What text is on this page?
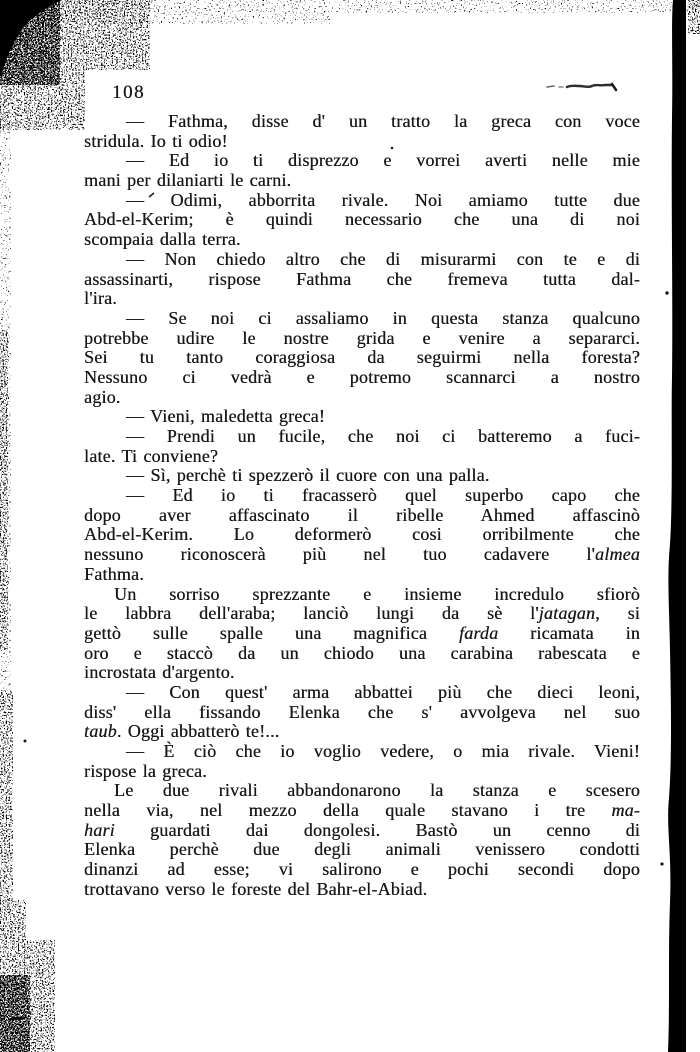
108
— Fathma, disse d' un tratto la greca con voce
stridula. Io ti odio!
— Ed io ti disprezzo e vorrei averti nelle mie
mani per dilaniarti le carni.
— Odimi, abborrita rivale. Noi amiamo tutte due
Abd-el-Kerim; è quindi necessario che una di noi
scompaia dalla terra.
— Non chiedo altro che di misurarmi con te e di
assassinarti, rispose Fathma che fremeva tutta dal-
l'ira.
— Se noi ci assaliamo in questa stanza qualcuno
potrebbe udire le nostre grida e venire a separarci.
Sei tu tanto coraggiosa da seguirmi nella foresta?
Nessuno ci vedrà e potremo scannarci a nostro
agio.
— Vieni, maledetta greca!
— Prendi un fucile, che noi ci batteremo a fuci-
late. Ti conviene?
— Sì, perchè ti spezzerò il cuore con una palla.
— Ed io ti fracasserò quel superbo capo che
dopo aver affascinato il ribelle Ahmed affascinò
Abd-el-Kerim. Lo deformerò cosi orribilmente che
nessuno riconoscerà più nel tuo cadavere l'almea
Fathma.
Un sorriso sprezzante e insieme incredulo sfiorò
le labbra dell'araba; lanciò lungi da sè l'jatagan, si
gettò sulle spalle una magnifica farda ricamata in
oro e staccò da un chiodo una carabina rabescata e
incrostata d'argento.
— Con quest' arma abbattei più che dieci leoni,
diss' ella fissando Elenka che s' avvolgeva nel suo
taub. Oggi abbatterò te!...
— È ciò che io voglio vedere, o mia rivale. Vieni!
rispose la greca.
Le due rivali abbandonarono la stanza e scesero
nella via, nel mezzo della quale stavano i tre ma-
hari guardati dai dongolesi. Bastò un cenno di
Elenka perchè due degli animali venissero condotti
dinanzi ad esse; vi salirono e pochi secondi dopo
trottavano verso le foreste del Bahr-el-Abiad.
